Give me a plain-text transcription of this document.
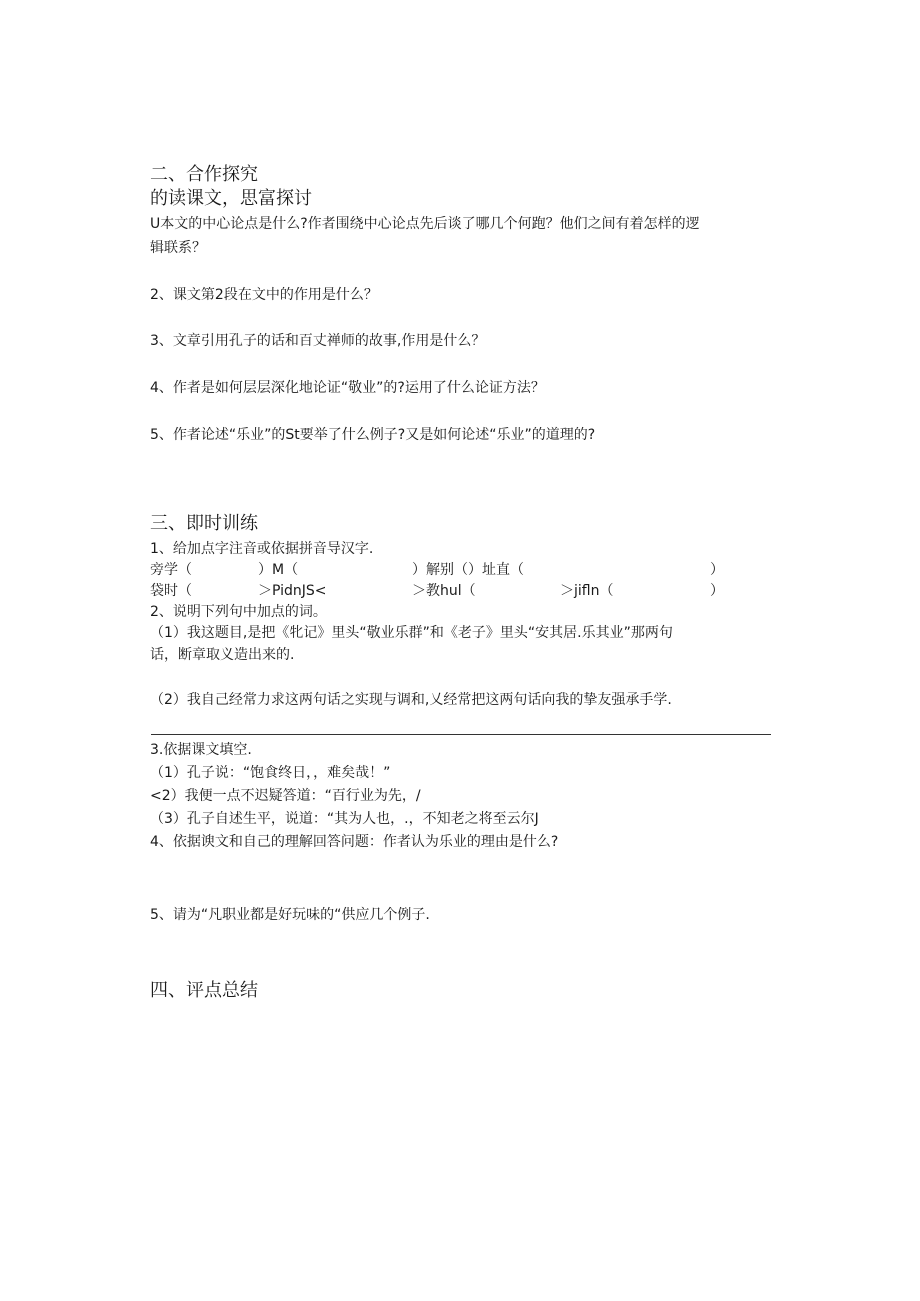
二、合作探究
的读课文，思富探讨
U本文的中心论点是什么?作者围绕中心论点先后谈了哪几个何跑？他们之间有着怎样的逻
辑联系？
2、课文第2段在文中的作用是什么？
3、文章引用孔子的话和百丈禅师的故事,作用是什么？
4、作者是如何层层深化地论证“敬业”的?运用了什么论证方法？
5、作者论述“乐业”的St要举了什么例子?又是如何论述“乐业”的道理的?
三、即时训练
1、给加点字注音或依据拼音导汉字.
旁学（	）M（	）解别（）址直（	）
袋时（	＞PidnJS<	＞教hul（	＞jifln（	）
2、说明下列句中加点的词。
（1）我这题目,是把《牝记》里头“敬业乐群”和《老子》里头“安其居.乐其业”那两句
话，断章取义造出来的.
（2）我自己经常力求这两句话之实现与调和,乂经常把这两句话向我的挚友强承手学.
3.依据课文填空.
（1）孔子说：“饱食终日，，难矣哉！”
<2）我便一点不迟疑答道：“百行业为先，/
（3）孔子自述生平，说道：“其为人也，.，不知老之将至云尔J
4、依据谀文和自己的理解回答问题：作者认为乐业的理由是什么?
5、请为“凡职业都是好玩味的“供应几个例子.
四、评点总结
